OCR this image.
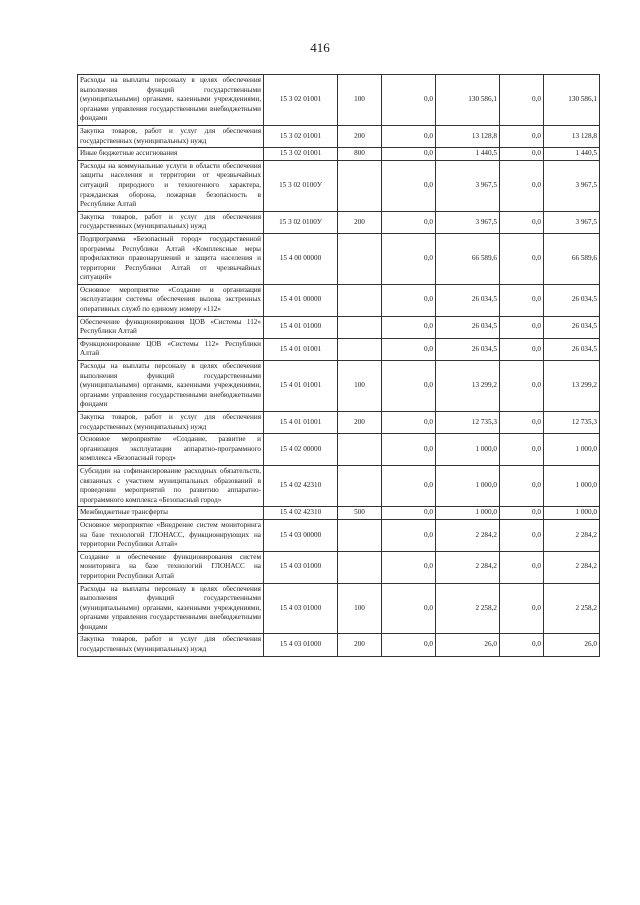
416
Расходы на выплаты персоналу в целях обеспечения выполнения функций государственными (муниципальными) органами, казенными учреждениями, органами управления государственными внебюджетными фондами	15 3 02 01001	100	0,0	130 586,1	0,0	130 586,1
Закупка товаров, работ и услуг для обеспечения государственных (муниципальных) нужд	15 3 02 01001	200	0,0	13 128,8	0,0	13 128,8
Иные бюджетные ассигнования	15 3 02 01001	800	0,0	1 440,5	0,0	1 440,5
Расходы на коммунальные услуги в области обеспечения защиты населения и территории от чрезвычайных ситуаций природного и техногенного характера, гражданская оборона, пожарная безопасность в Республике Алтай	15 3 02 0100У		0,0	3 967,5	0,0	3 967,5
Закупка товаров, работ и услуг для обеспечения государственных (муниципальных) нужд	15 3 02 0100У	200	0,0	3 967,5	0,0	3 967,5
Подпрограмма «Безопасный город» государственной программы Республики Алтай «Комплексные меры профилактики правонарушений и защита населения и территории Республики Алтай от чрезвычайных ситуаций»	15 4 00 00000		0,0	66 589,6	0,0	66 589,6
Основное мероприятие «Создание и организация эксплуатации системы обеспечения вызова экстренных оперативных служб по единому номеру «112»	15 4 01 00000		0,0	26 034,5	0,0	26 034,5
Обеспечение функционирования ЦОВ «Системы 112» Республики Алтай	15 4 01 01000		0,0	26 034,5	0,0	26 034,5
Функционирование ЦОВ «Системы 112» Республики Алтай	15 4 01 01001		0,0	26 034,5	0,0	26 034,5
Расходы на выплаты персоналу в целях обеспечения выполнения функций государственными (муниципальными) органами, казенными учреждениями, органами управления государственными внебюджетными фондами	15 4 01 01001	100	0,0	13 299,2	0,0	13 299,2
Закупка товаров, работ и услуг для обеспечения государственных (муниципальных) нужд	15 4 01 01001	200	0,0	12 735,3	0,0	12 735,3
Основное мероприятие «Создание, развитие и организация эксплуатации аппаратно-программного комплекса «Безопасный город»	15 4 02 00000		0,0	1 000,0	0,0	1 000,0
Субсидии на софинансирование расходных обязательств, связанных с участием муниципальных образований в проведении мероприятий по развитию аппаратно-программного комплекса «Безопасный город»	15 4 02 42310		0,0	1 000,0	0,0	1 000,0
Межбюджетные трансферты	15 4 02 42310	500	0,0	1 000,0	0,0	1 000,0
Основное мероприятие «Внедрение систем мониторинга на базе технологий ГЛОНАСС, функционирующих на территории Республики Алтай»	15 4 03 00000		0,0	2 284,2	0,0	2 284,2
Создание и обеспечение функционирования систем мониторинга на базе технологий ГЛОНАСС на территории Республики Алтай	15 4 03 01000		0,0	2 284,2	0,0	2 284,2
Расходы на выплаты персоналу в целях обеспечения выполнения функций государственными (муниципальными) органами, казенными учреждениями, органами управления государственными внебюджетными фондами	15 4 03 01000	100	0,0	2 258,2	0,0	2 258,2
Закупка товаров, работ и услуг для обеспечения государственных (муниципальных) нужд	15 4 03 01000	200	0,0	26,0	0,0	26,0
